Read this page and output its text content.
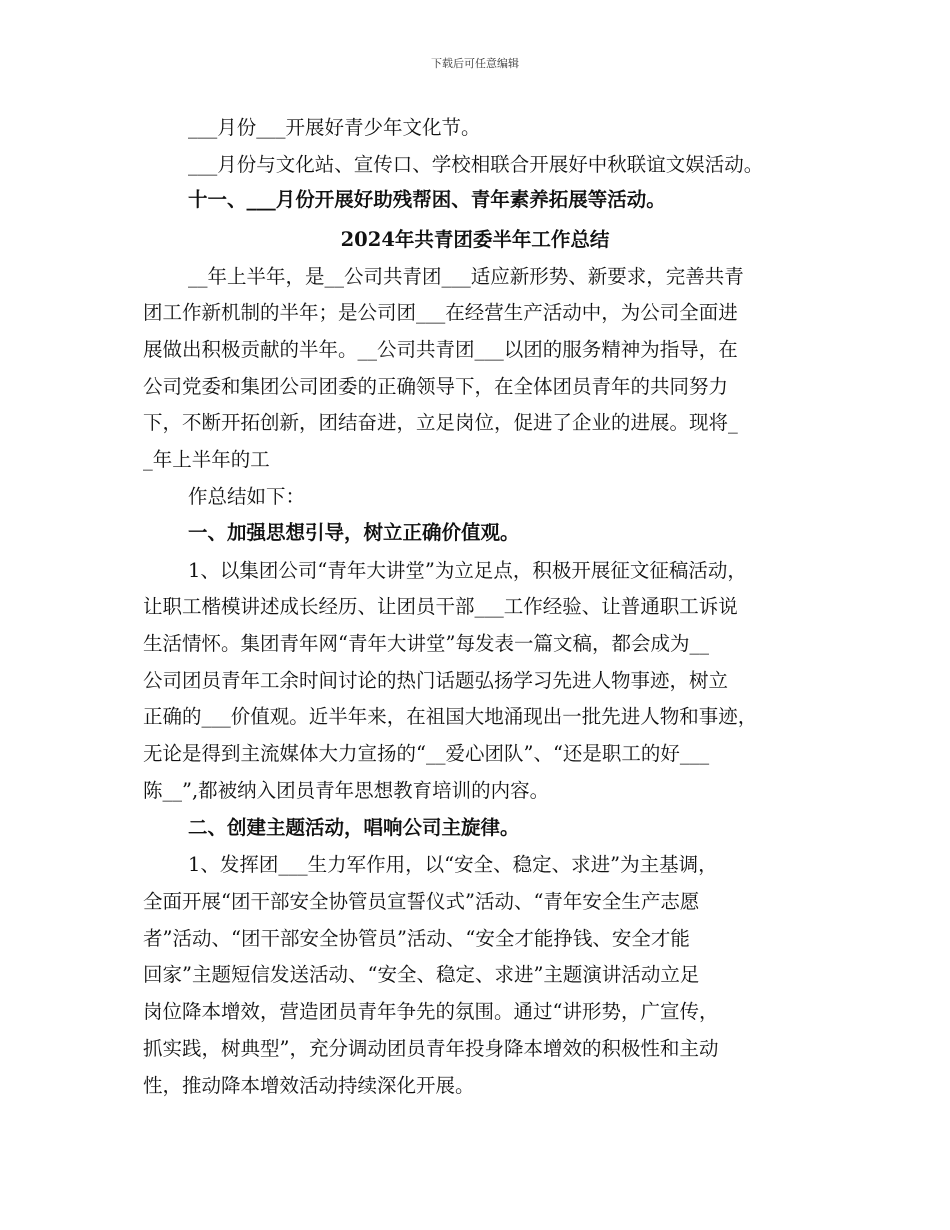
下载后可任意编辑
___月份___开展好青少年文化节。
___月份与文化站、宣传口、学校相联合开展好中秋联谊文娱活动。
十一、___月份开展好助残帮困、青年素养拓展等活动。
2024年共青团委半年工作总结
__年上半年，是__公司共青团___适应新形势、新要求，完善共青
团工作新机制的半年；是公司团___在经营生产活动中，为公司全面进
展做出积极贡献的半年。__公司共青团___以团的服务精神为指导，在
公司党委和集团公司团委的正确领导下，在全体团员青年的共同努力
下，不断开拓创新，团结奋进，立足岗位，促进了企业的进展。现将_
_年上半年的工
作总结如下：
一、加强思想引导，树立正确价值观。
1、以集团公司“青年大讲堂”为立足点，积极开展征文征稿活动，
让职工楷模讲述成长经历、让团员干部___工作经验、让普通职工诉说
生活情怀。集团青年网“青年大讲堂”每发表一篇文稿，都会成为__
公司团员青年工余时间讨论的热门话题弘扬学习先进人物事迹，树立
正确的___价值观。近半年来，在祖国大地涌现出一批先进人物和事迹，
无论是得到主流媒体大力宣扬的“__爱心团队”、“还是职工的好___
陈__”,都被纳入团员青年思想教育培训的内容。
二、创建主题活动，唱响公司主旋律。
1、发挥团___生力军作用，以“安全、稳定、求进”为主基调，
全面开展“团干部安全协管员宣誓仪式”活动、“青年安全生产志愿
者”活动、“团干部安全协管员”活动、“安全才能挣钱、安全才能
回家”主题短信发送活动、“安全、稳定、求进”主题演讲活动立足
岗位降本增效，营造团员青年争先的氛围。通过“讲形势，广宣传，
抓实践，树典型”，充分调动团员青年投身降本增效的积极性和主动
性，推动降本增效活动持续深化开展。
